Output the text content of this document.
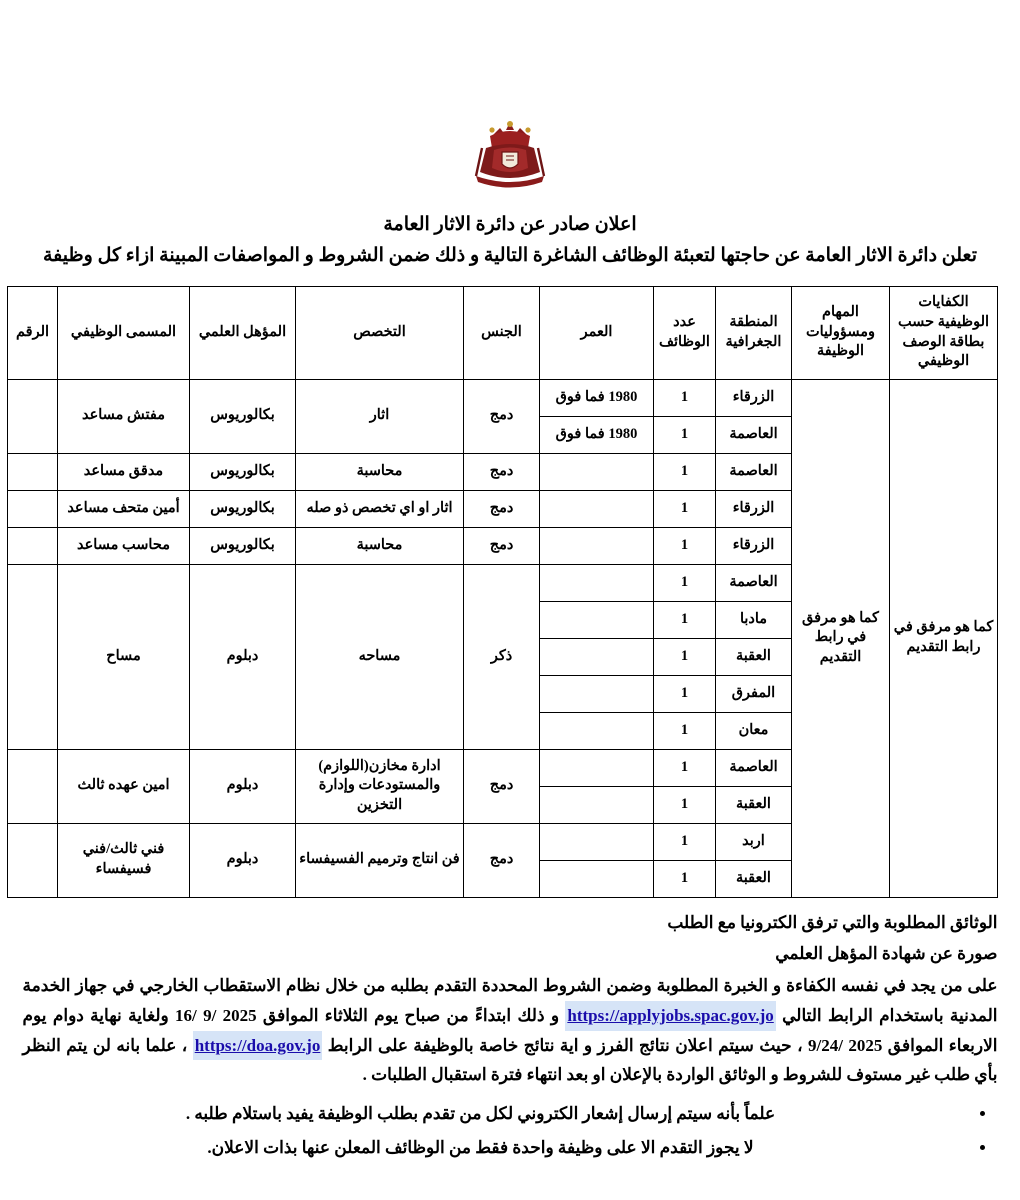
اعلان صادر عن دائرة الاثار العامة
تعلن دائرة الاثار العامة عن حاجتها لتعبئة الوظائف الشاغرة التالية و ذلك ضمن الشروط و المواصفات المبينة ازاء كل وظيفة
الكفايات الوظيفية حسب بطاقة الوصف الوظيفي	المهام ومسؤوليات الوظيفة	المنطقة الجغرافية	عدد الوظائف	العمر	الجنس	التخصص	المؤهل العلمي	المسمى الوظيفي	الرقم
كما هو مرفق في رابط التقديم	كما هو مرفق في رابط التقديم	الزرقاء	1	1980 فما فوق	دمج	اثار	بكالوريوس	مفتش مساعد	
		العاصمة	1	1980 فما فوق					
		العاصمة	1		دمج	محاسبة	بكالوريوس	مدقق مساعد	
		الزرقاء	1		دمج	اثار او اي تخصص ذو صله	بكالوريوس	أمين متحف مساعد	
		الزرقاء	1		دمج	محاسبة	بكالوريوس	محاسب مساعد	
		العاصمة	1		ذكر	مساحه	دبلوم	مساح	
		مادبا	1						
		العقبة	1						
		المفرق	1						
		معان	1						
		العاصمة	1		دمج	ادارة مخازن(اللوازم) والمستودعات وإدارة التخزين	دبلوم	امين عهده ثالث	
		العقبة	1						
		اربد	1		دمج	فن انتاج وترميم الفسيفساء	دبلوم	فني ثالث/فني فسيفساء	
		العقبة	1						

الوثائق المطلوبة والتي ترفق الكترونيا مع الطلب

صورة عن شهادة المؤهل العلمي

على من يجد في نفسه الكفاءة و الخبرة المطلوبة وضمن الشروط المحددة التقدم بطلبه من خلال نظام الاستقطاب الخارجي في جهاز الخدمة المدنية باستخدام الرابط التالي https://applyjobs.spac.gov.jo و ذلك ابتداءً من صباح يوم الثلاثاء الموافق 2025 /9 /16 ولغاية نهاية دوام يوم الاربعاء الموافق 2025 /9/24 ، حيث سيتم اعلان نتائج الفرز و اية نتائج خاصة بالوظيفة على الرابط https://doa.gov.jo ، علما بانه لن يتم النظر بأي طلب غير مستوف للشروط و الوثائق الواردة بالإعلان او بعد انتهاء فترة استقبال الطلبات .

• علماً بأنه سيتم إرسال إشعار الكتروني لكل من تقدم بطلب الوظيفة يفيد باستلام طلبه .
• لا يجوز التقدم الا على وظيفة واحدة فقط من الوظائف المعلن عنها بذات الاعلان.
